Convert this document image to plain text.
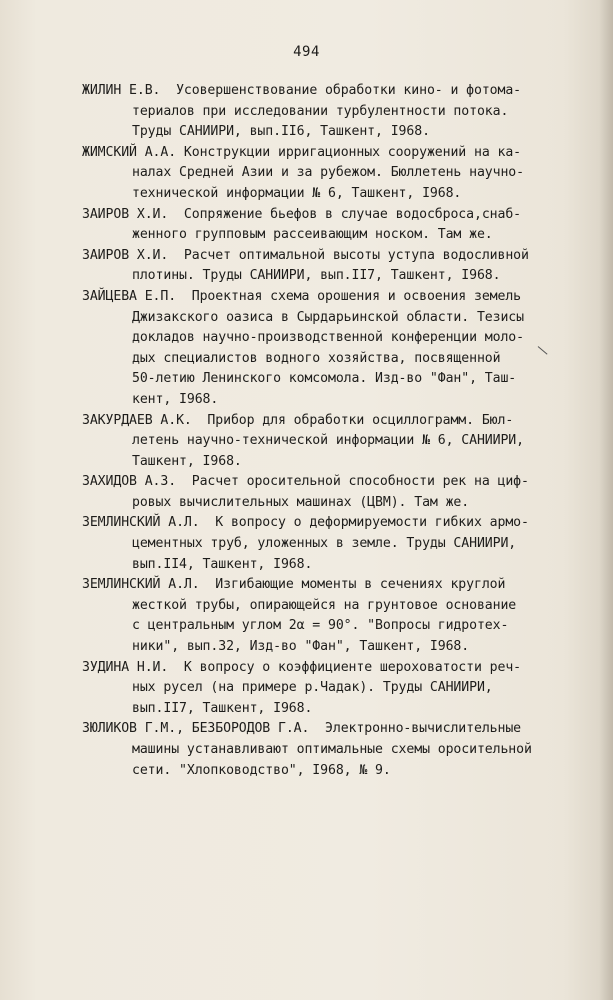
494
ЖИЛИН Е.В.  Усовершенствование обработки кино- и фотома-
териалов при исследовании турбулентности потока.
Труды САНИИРИ, вып.II6, Ташкент, I968.
ЖИМСКИЙ А.А. Конструкции ирригационных сооружений на ка-
налах Средней Азии и за рубежом. Бюллетень научно-
технической информации № 6, Ташкент, I968.
ЗАИРОВ Х.И.  Сопряжение бьефов в случае водосброса,снаб-
женного групповым рассеивающим носком. Там же.
ЗАИРОВ Х.И.  Расчет оптимальной высоты уступа водосливной
плотины. Труды САНИИРИ, вып.II7, Ташкент, I968.
ЗАЙЦЕВА Е.П.  Проектная схема орошения и освоения земель
Джизакского оазиса в Сырдарьинской области. Тезисы
докладов научно-производственной конференции моло-
дых специалистов водного хозяйства, посвященной
50-летию Ленинского комсомола. Изд-во "Фан", Таш-
кент, I968.
ЗАКУРДАЕВ А.К.  Прибор для обработки осциллограмм. Бюл-
летень научно-технической информации № 6, САНИИРИ,
Ташкент, I968.
ЗАХИДОВ А.З.  Расчет оросительной способности рек на циф-
ровых вычислительных машинах (ЦВМ). Там же.
ЗЕМЛИНСКИЙ А.Л.  К вопросу о деформируемости гибких армо-
цементных труб, уложенных в земле. Труды САНИИРИ,
вып.II4, Ташкент, I968.
ЗЕМЛИНСКИЙ А.Л.  Изгибающие моменты в сечениях круглой
жесткой трубы, опирающейся на грунтовое основание
с центральным углом 2α = 90°. "Вопросы гидротех-
ники", вып.32, Изд-во "Фан", Ташкент, I968.
ЗУДИНА Н.И.  К вопросу о коэффициенте шероховатости реч-
ных русел (на примере р.Чадак). Труды САНИИРИ,
вып.II7, Ташкент, I968.
ЗЮЛИКОВ Г.М., БЕЗБОРОДОВ Г.А.  Электронно-вычислительные
машины устанавливают оптимальные схемы оросительной
сети. "Хлопководство", I968, № 9.
